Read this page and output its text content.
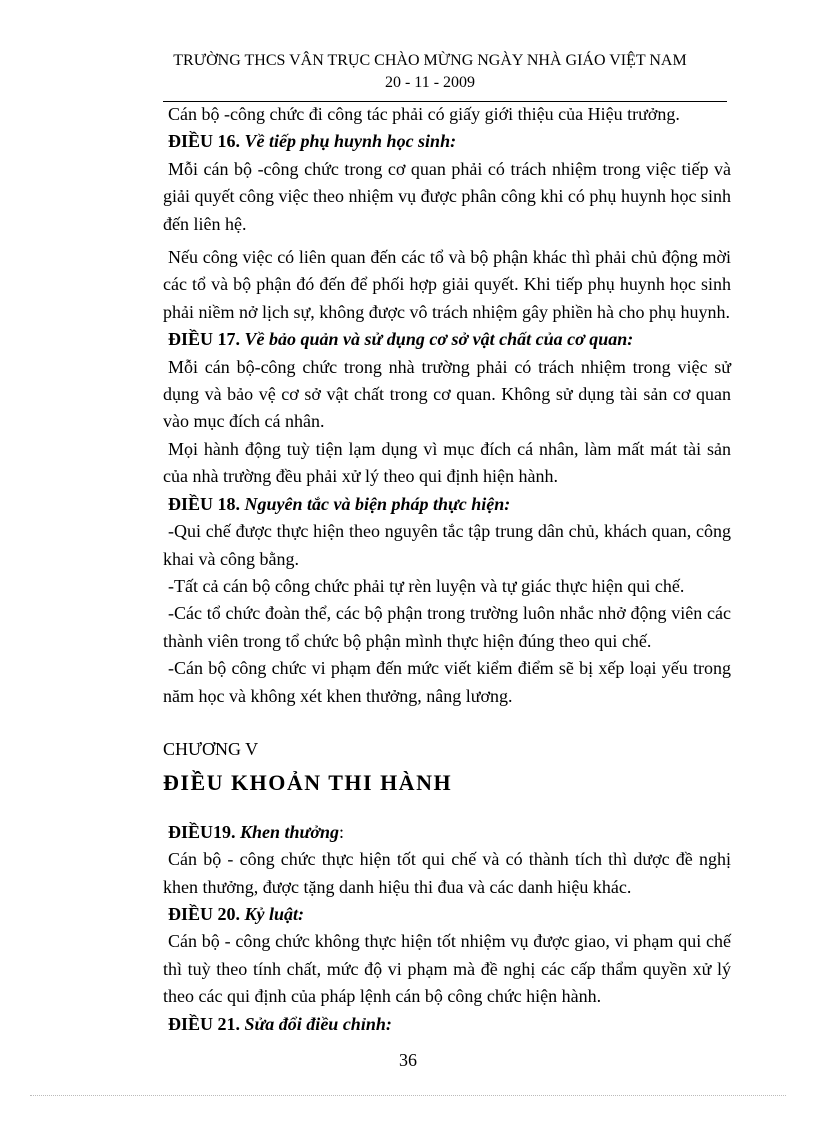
TRƯỜNG THCS VÂN TRỤC CHÀO MỪNG NGÀY NHÀ GIÁO VIỆT NAM
20 - 11 - 2009

Cán bộ -công chức đi công tác phải có giấy giới thiệu của Hiệu trưởng.

ĐIỀU 16. Về tiếp phụ huynh học sinh:

Mỗi cán bộ -công chức trong cơ quan phải có trách nhiệm trong việc tiếp và giải quyết công việc theo nhiệm vụ được phân công khi có phụ huynh học sinh đến liên hệ.

Nếu công việc có liên quan đến các tổ và bộ phận khác thì phải chủ động mời các tổ và bộ phận đó đến để phối hợp giải quyết. Khi tiếp phụ huynh học sinh phải niềm nở lịch sự, không được vô trách nhiệm gây phiền hà cho phụ huynh.

ĐIỀU 17. Về bảo quản và sử dụng cơ sở vật chất của cơ quan:

Mỗi cán bộ-công chức trong nhà trường phải có trách nhiệm trong việc sử dụng và bảo vệ cơ sở vật chất trong cơ quan. Không sử dụng tài sản cơ quan vào mục đích cá nhân.

Mọi hành động tuỳ tiện lạm dụng vì mục đích cá nhân, làm mất mát tài sản của nhà trường đều phải xử lý theo qui định hiện hành.

ĐIỀU 18. Nguyên tắc và biện pháp thực hiện:

-Qui chế được thực hiện theo nguyên tắc tập trung dân chủ, khách quan, công khai và công bằng.

-Tất cả cán bộ công chức phải tự rèn luyện và tự giác thực hiện qui chế.

-Các tổ chức đoàn thể, các bộ phận trong trường luôn nhắc nhở động viên các thành viên trong tổ chức bộ phận mình thực hiện đúng theo qui chế.

-Cán bộ công chức vi phạm đến mức viết kiểm điểm sẽ bị xếp loại yếu trong năm học và không xét khen thưởng, nâng lương.

CHƯƠNG V

ĐIỀU KHOẢN THI HÀNH

ĐIỀU19. Khen thưởng:

Cán bộ - công chức thực hiện tốt qui chế và có thành tích thì dược đề nghị khen thưởng, được tặng danh hiệu thi đua và các danh hiệu khác.

ĐIỀU 20. Kỷ luật:

Cán bộ - công chức không thực hiện tốt nhiệm vụ được giao, vi phạm qui chế thì tuỳ theo tính chất, mức độ vi phạm mà đề nghị các cấp thẩm quyền xử lý theo các qui định của pháp lệnh cán bộ công chức hiện hành.

ĐIỀU 21. Sửa đổi điều chỉnh:

36
